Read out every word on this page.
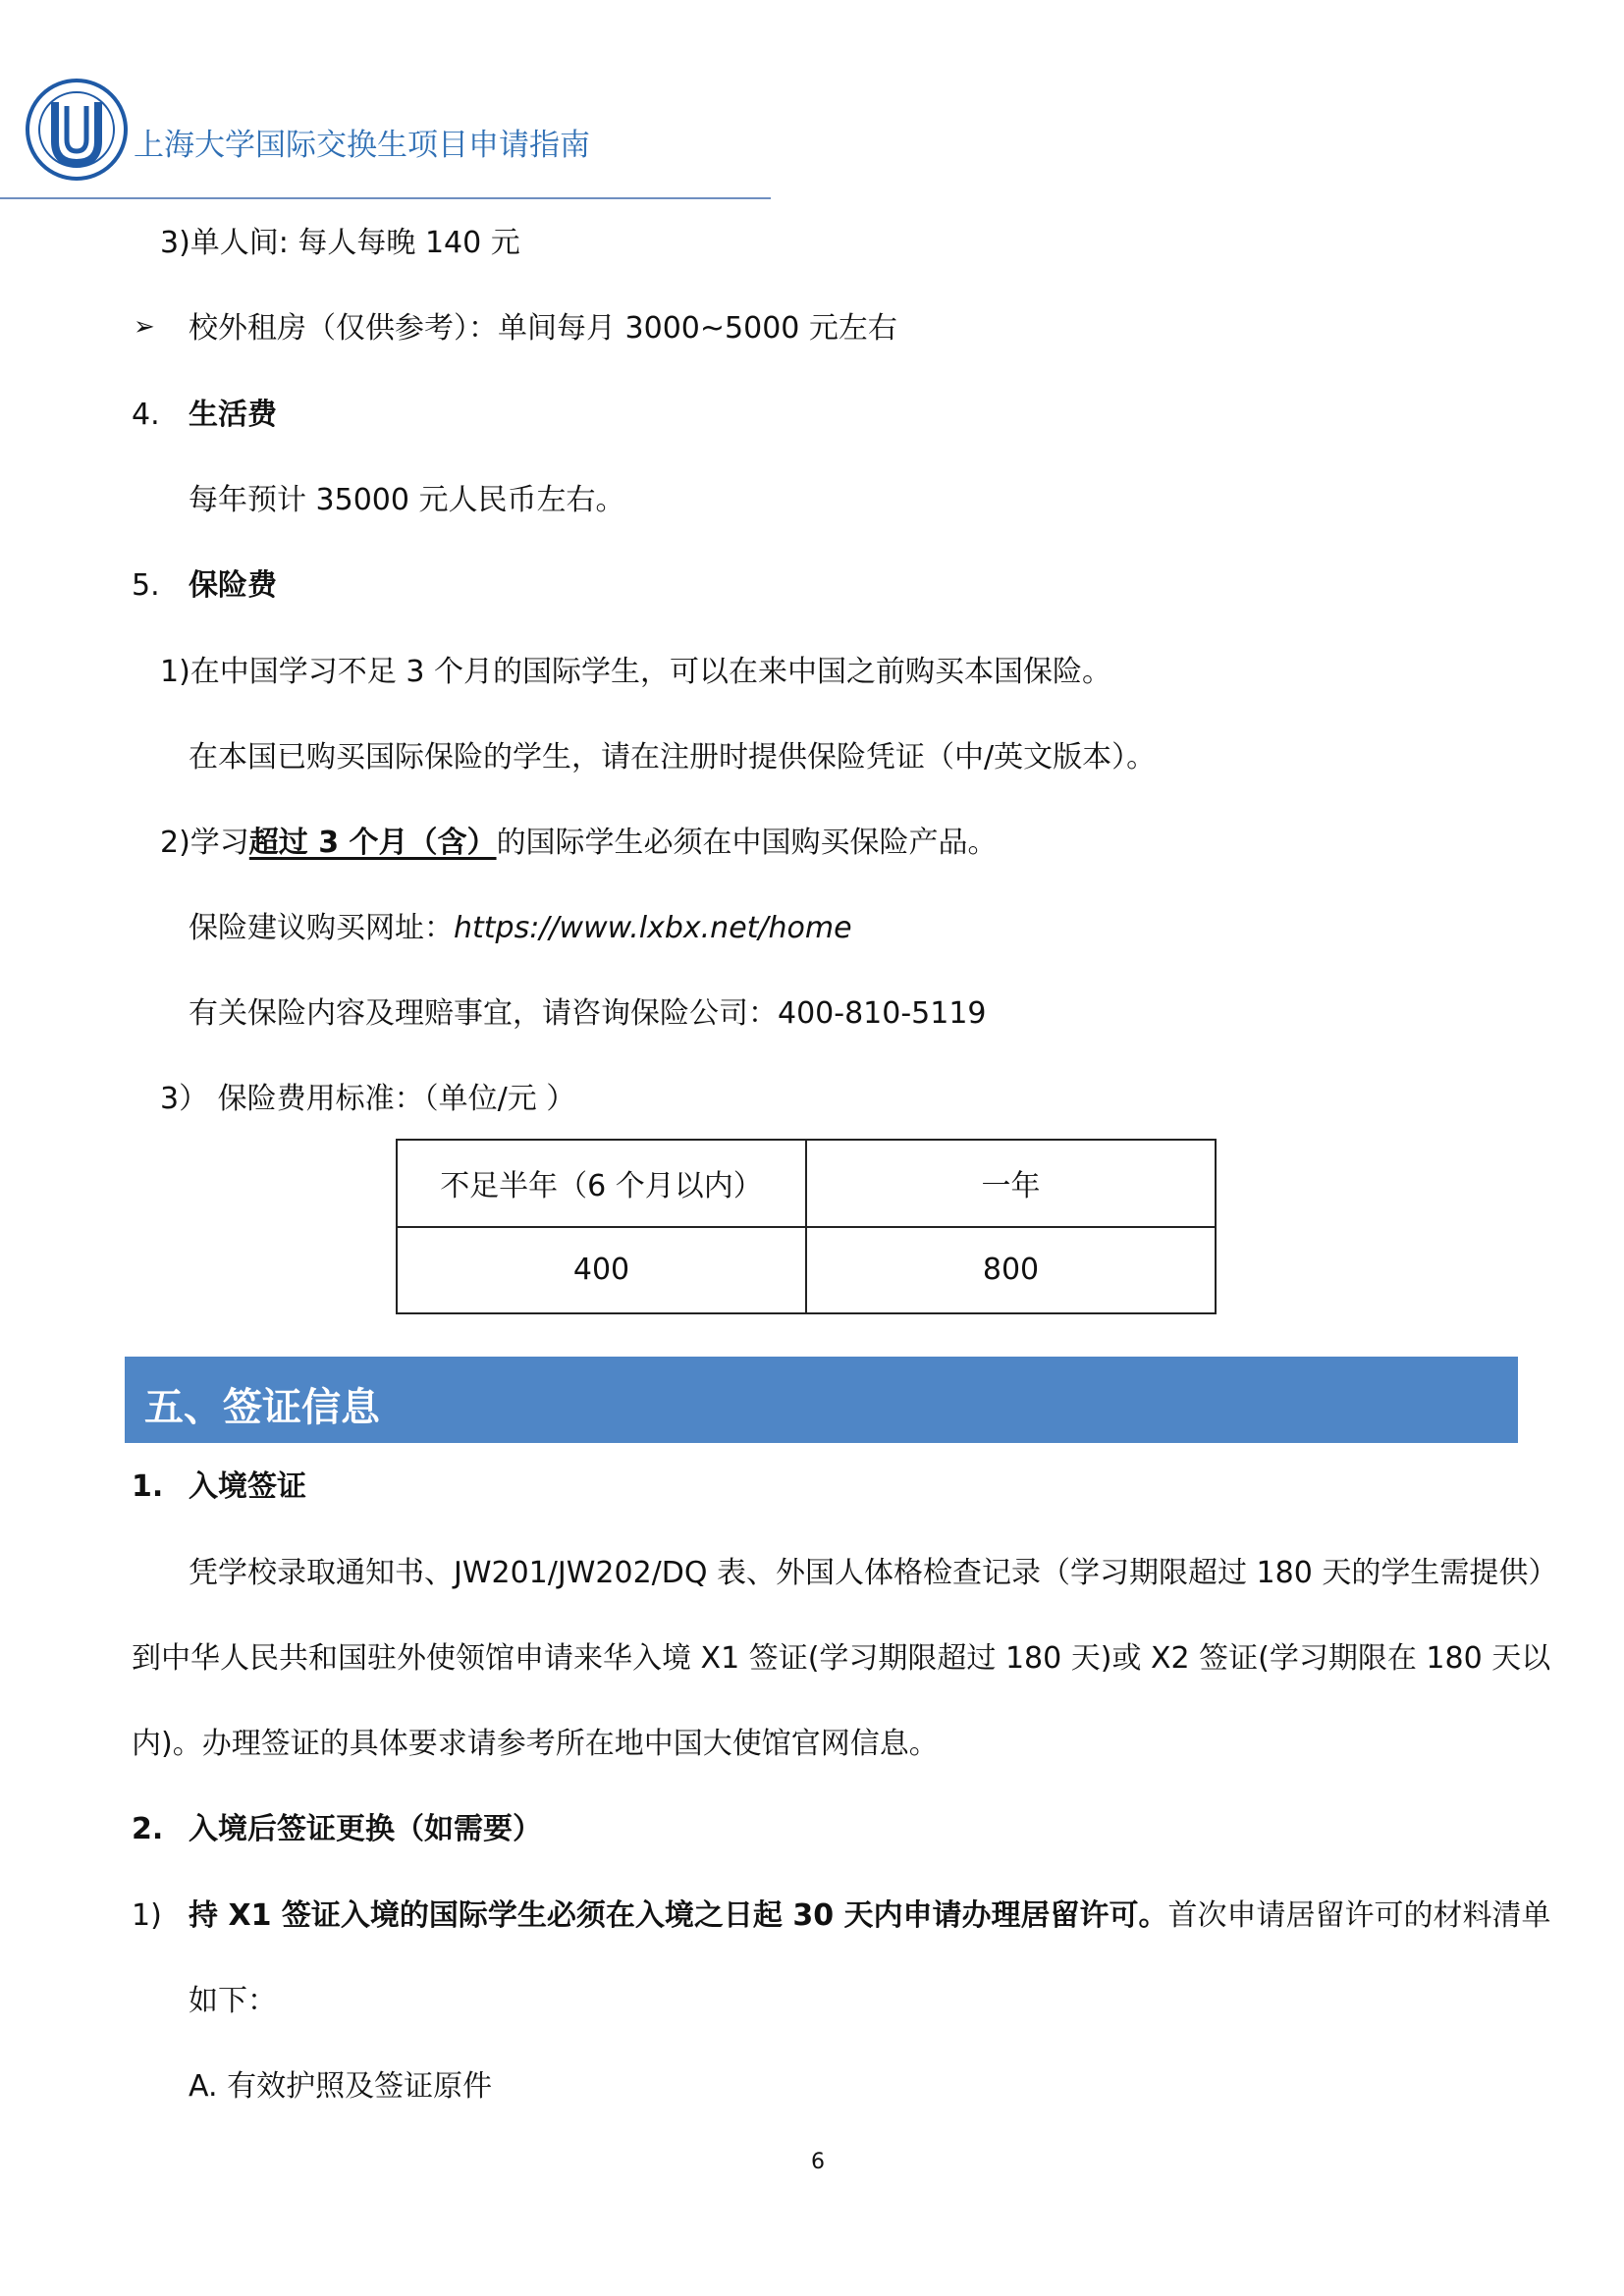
上海大学国际交换生项目申请指南
3)单人间: 每人每晚 140 元
➢ 校外租房（仅供参考）：单间每月 3000~5000 元左右
4. 生活费
每年预计 35000 元人民币左右。
5. 保险费
1)在中国学习不足 3 个月的国际学生，可以在来中国之前购买本国保险。
在本国已购买国际保险的学生，请在注册时提供保险凭证（中/英文版本）。
2)学习超过 3 个月（含）的国际学生必须在中国购买保险产品。
保险建议购买网址：https://www.lxbx.net/home
有关保险内容及理赔事宜，请咨询保险公司：400-810-5119
3） 保险费用标准：（单位/元 ）
不足半年（6 个月以内）	一年
400	800
五、签证信息
1. 入境签证
凭学校录取通知书、JW201/JW202/DQ 表、外国人体格检查记录（学习期限超过 180 天的学生需提供）
到中华人民共和国驻外使领馆申请来华入境 X1 签证(学习期限超过 180 天)或 X2 签证(学习期限在 180 天以
内)。办理签证的具体要求请参考所在地中国大使馆官网信息。
2. 入境后签证更换（如需要）
1) 持 X1 签证入境的国际学生必须在入境之日起 30 天内申请办理居留许可。首次申请居留许可的材料清单
如下：
A. 有效护照及签证原件
6
